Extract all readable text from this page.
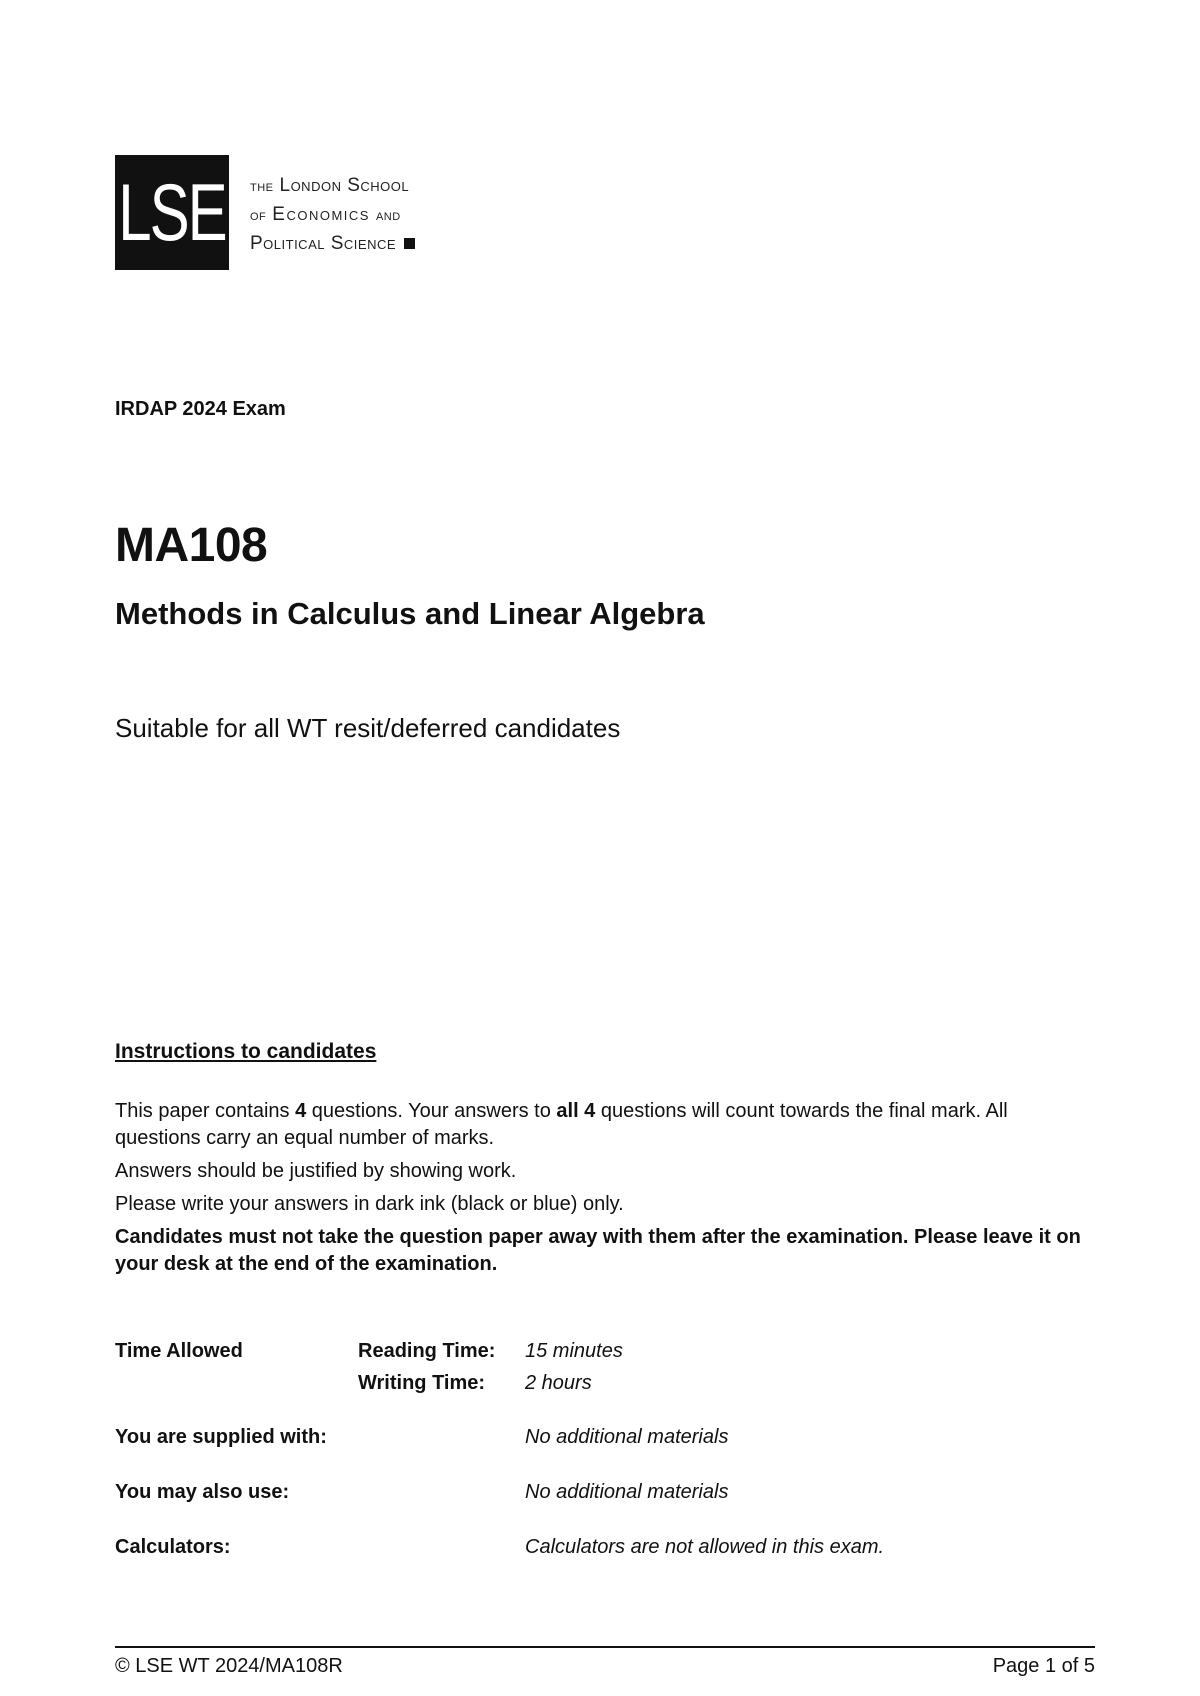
LSE the London School
of Economics and
Political Science
IRDAP 2024 Exam
MA108
Methods in Calculus and Linear Algebra
Suitable for all WT resit/deferred candidates
Instructions to candidates

This paper contains 4 questions. Your answers to all 4 questions will count towards the final mark. All questions carry an equal number of marks.

Answers should be justified by showing work.

Please write your answers in dark ink (black or blue) only.

Candidates must not take the question paper away with them after the examination. Please leave it on your desk at the end of the examination.

Time Allowed	Reading Time: 15 minutes
Writing Time: 2 hours
You are supplied with:	No additional materials
You may also use:	No additional materials
Calculators:	Calculators are not allowed in this exam.
© LSE WT 2024/MA108R	Page 1 of 5
